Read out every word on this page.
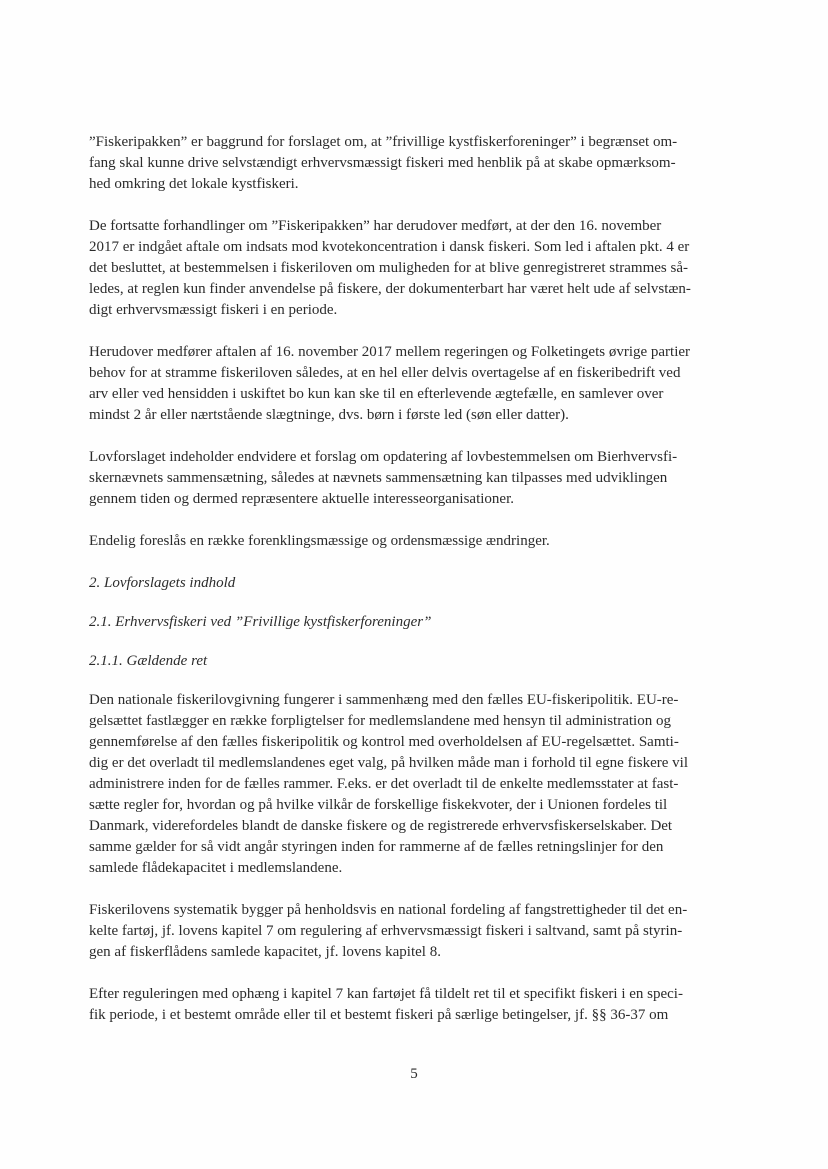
”Fiskeripakken” er baggrund for forslaget om, at ”frivillige kystfiskerforeninger” i begrænset om-
fang skal kunne drive selvstændigt erhvervsmæssigt fiskeri med henblik på at skabe opmærksom-
hed omkring det lokale kystfiskeri.
De fortsatte forhandlinger om ”Fiskeripakken” har derudover medført, at der den 16. november
2017 er indgået aftale om indsats mod kvotekoncentration i dansk fiskeri. Som led i aftalen pkt. 4 er
det besluttet, at bestemmelsen i fiskeriloven om muligheden for at blive genregistreret strammes så-
ledes, at reglen kun finder anvendelse på fiskere, der dokumenterbart har været helt ude af selvstæn-
digt erhvervsmæssigt fiskeri i en periode.
Herudover medfører aftalen af 16. november 2017 mellem regeringen og Folketingets øvrige partier
behov for at stramme fiskeriloven således, at en hel eller delvis overtagelse af en fiskeribedrift ved
arv eller ved hensidden i uskiftet bo kun kan ske til en efterlevende ægtefælle, en samlever over
mindst 2 år eller nærtstående slægtninge, dvs. børn i første led (søn eller datter).
Lovforslaget indeholder endvidere et forslag om opdatering af lovbestemmelsen om Bierhvervsfi-
skernævnets sammensætning, således at nævnets sammensætning kan tilpasses med udviklingen
gennem tiden og dermed repræsentere aktuelle interesseorganisationer.
Endelig foreslås en række forenklingsmæssige og ordensmæssige ændringer.
2. Lovforslagets indhold
2.1. Erhvervsfiskeri ved ”Frivillige kystfiskerforeninger”
2.1.1. Gældende ret
Den nationale fiskerilovgivning fungerer i sammenhæng med den fælles EU-fiskeripolitik. EU-re-
gelsættet fastlægger en række forpligtelser for medlemslandene med hensyn til administration og
gennemførelse af den fælles fiskeripolitik og kontrol med overholdelsen af EU-regelsættet. Samti-
dig er det overladt til medlemslandenes eget valg, på hvilken måde man i forhold til egne fiskere vil
administrere inden for de fælles rammer. F.eks. er det overladt til de enkelte medlemsstater at fast-
sætte regler for, hvordan og på hvilke vilkår de forskellige fiskekvoter, der i Unionen fordeles til
Danmark, viderefordeles blandt de danske fiskere og de registrerede erhvervsfiskerselskaber. Det
samme gælder for så vidt angår styringen inden for rammerne af de fælles retningslinjer for den
samlede flådekapacitet i medlemslandene.
Fiskerilovens systematik bygger på henholdsvis en national fordeling af fangstrettigheder til det en-
kelte fartøj, jf. lovens kapitel 7 om regulering af erhvervsmæssigt fiskeri i saltvand, samt på styrin-
gen af fiskerflådens samlede kapacitet, jf. lovens kapitel 8.
Efter reguleringen med ophæng i kapitel 7 kan fartøjet få tildelt ret til et specifikt fiskeri i en speci-
fik periode, i et bestemt område eller til et bestemt fiskeri på særlige betingelser, jf. §§ 36-37 om
5
